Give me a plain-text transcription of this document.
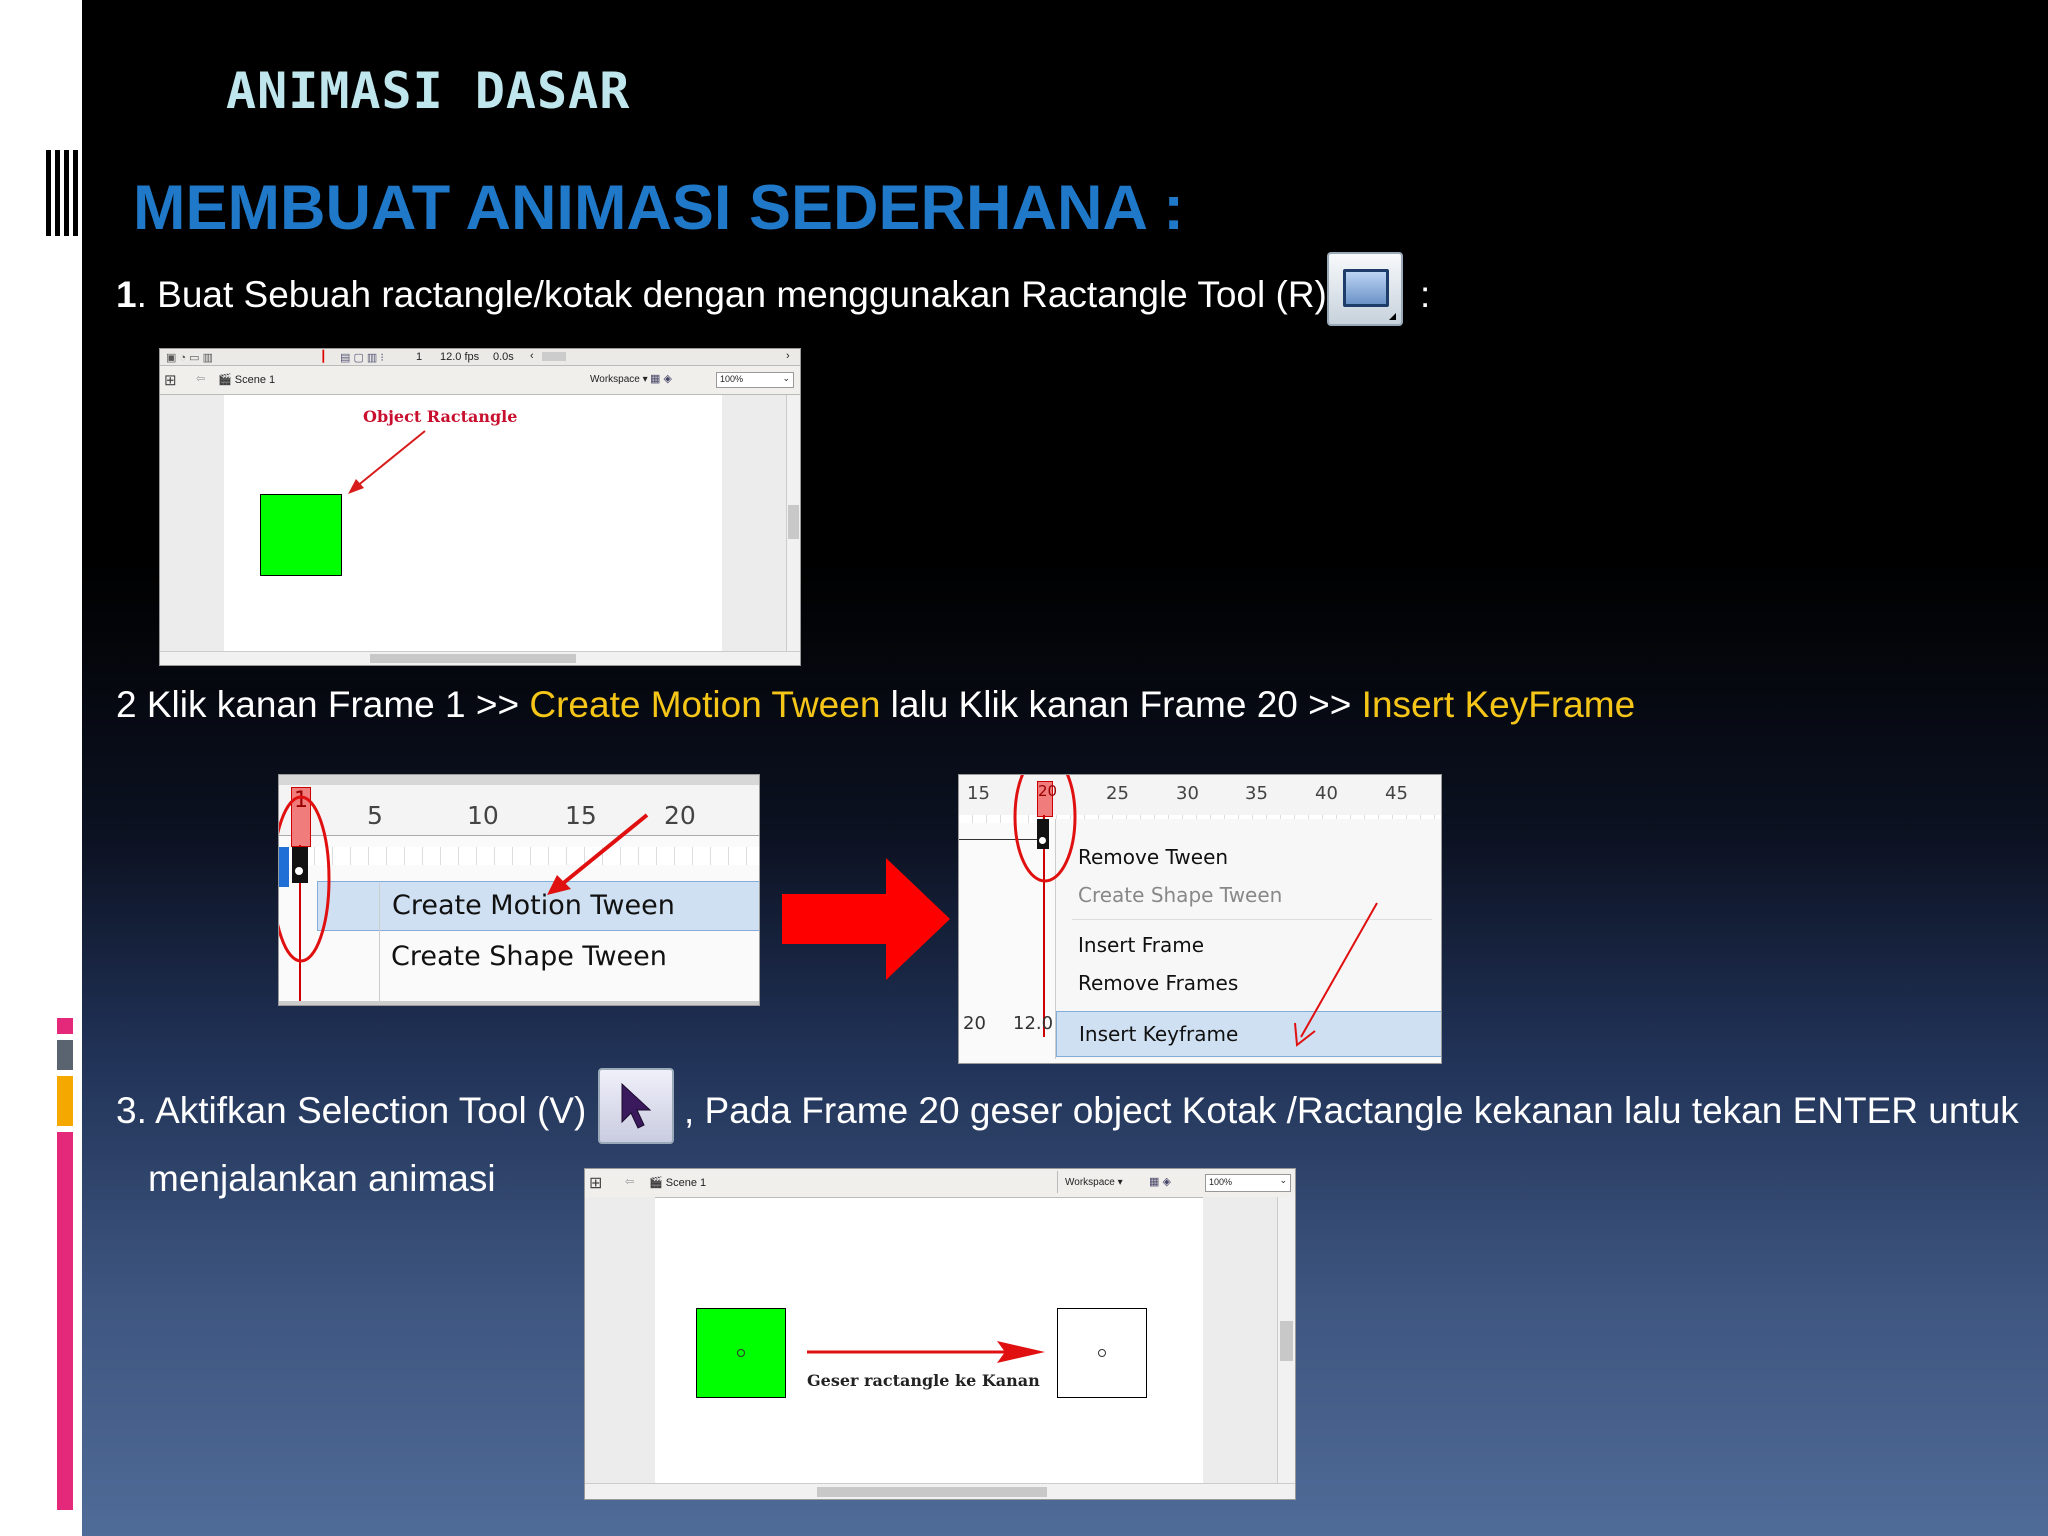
ANIMASI DASAR
MEMBUAT ANIMASI SEDERHANA :
1. Buat Sebuah ractangle/kotak dengan menggunakan Ractangle Tool (R)	:
▣ ◔ ▭ ▥	┃ ▤ ▢ ▥ ⁝	1 12.0 fps 0.0s ‹	›
⊞ ⇦ 🎬 Scene 1	Workspace ▾ ▦ ◈	100%	⌄
Object Ractangle
2 Klik kanan Frame 1 >> Create Motion Tween lalu Klik kanan Frame 20 >> Insert KeyFrame
5	10	15	20
1
Create Motion Tween
Create Shape Tween
15	25	30	35	40	45
20
Remove Tween
Create Shape Tween
Insert Frame
Remove Frames
Insert Keyframe
20 12.0
3. Aktifkan Selection Tool (V)	, Pada Frame 20 geser object Kotak /Ractangle kekanan lalu tekan ENTER untuk
menjalankan animasi	⊞ ⇦ 🎬 Scene 1	Workspace ▾ ▦ ◈	100%	⌄
Geser ractangle ke Kanan
